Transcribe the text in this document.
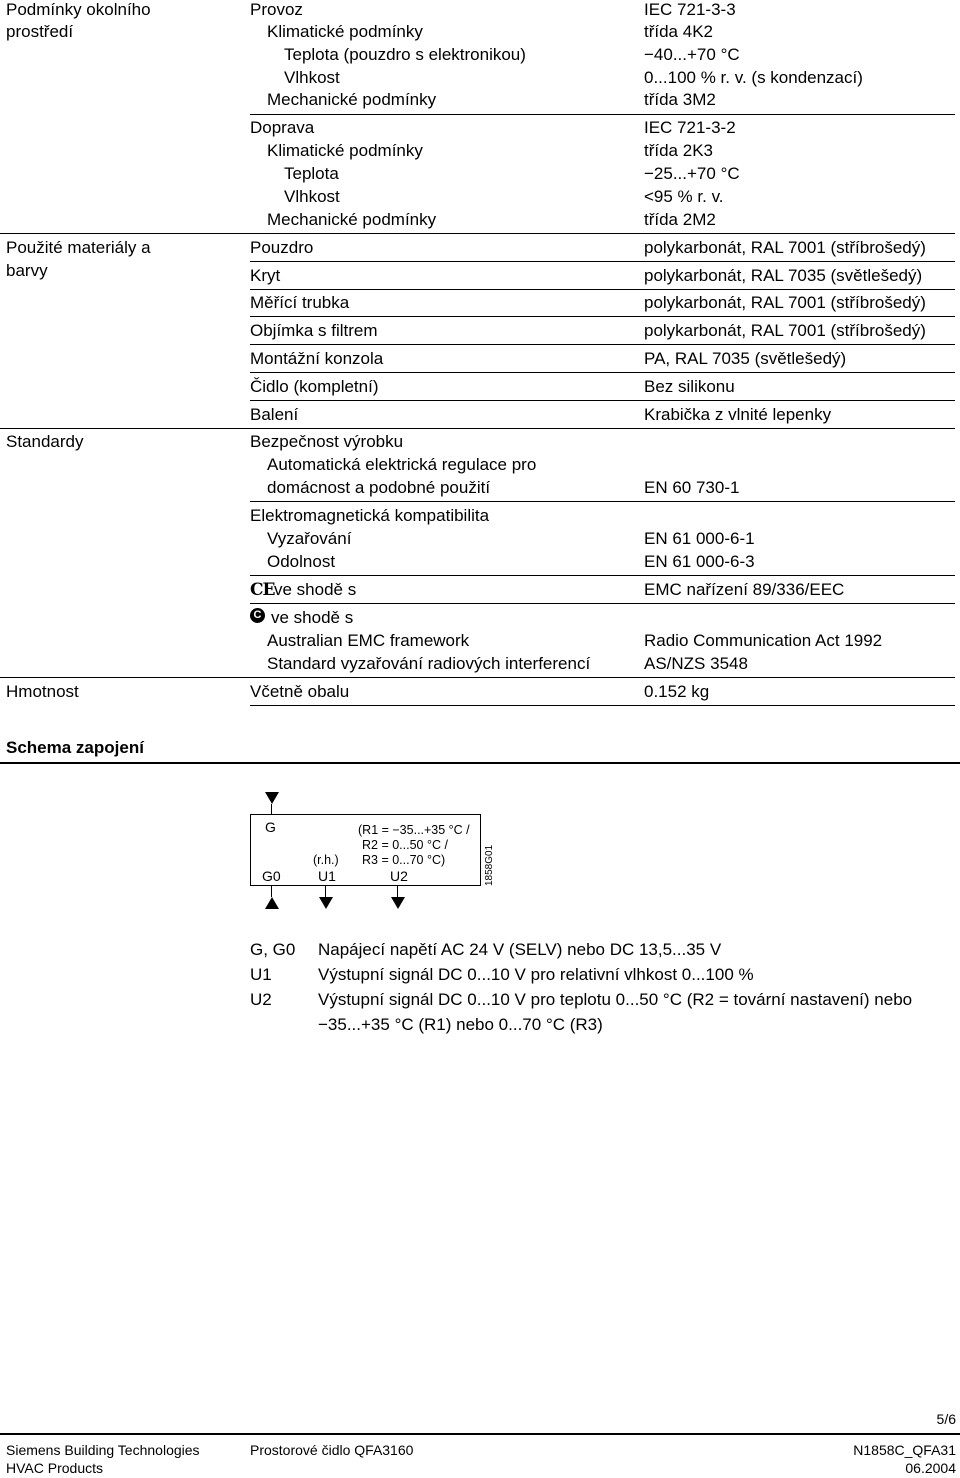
Podmínky okolního
prostředí
Provoz	IEC 721-3-3
Klimatické podmínky	třída 4K2
Teplota (pouzdro s elektronikou)	−40...+70 °C
Vlhkost	0...100 % r. v. (s kondenzací)
Mechanické podmínky	třída 3M2
Doprava	IEC 721-3-2
Klimatické podmínky	třída 2K3
Teplota	−25...+70 °C
Vlhkost	<95 % r. v.
Mechanické podmínky	třída 2M2
Použité materiály a
barvy
Pouzdro	polykarbonát, RAL 7001 (stříbrošedý)
Kryt	polykarbonát, RAL 7035 (světlešedý)
Měřící trubka	polykarbonát, RAL 7001 (stříbrošedý)
Objímka s filtrem	polykarbonát, RAL 7001 (stříbrošedý)
Montážní konzola	PA, RAL 7035 (světlešedý)
Čidlo (kompletní)	Bez silikonu
Balení	Krabička z vlnité lepenky
Standardy	Bezpečnost výrobku
Automatická elektrická regulace pro
domácnost a podobné použití	EN 60 730-1
Elektromagnetická kompatibilita
Vyzařování	EN 61 000-6-1
Odolnost	EN 61 000-6-3
CE ve shodě s	EMC nařízení 89/336/EEC
C ve shodě s
Australian EMC framework	Radio Communication Act 1992
Standard vyzařování radiových interferencí	AS/NZS 3548
Hmotnost	Včetně obalu	0.152 kg
Schema zapojení
G	(R1 = −35...+35 °C /
R2 = 0...50 °C /
R3 = 0...70 °C)
(r.h.)
G0	U1	U2	1858G01
G, G0 Napájecí napětí AC 24 V (SELV) nebo DC 13,5...35 V
U1	Výstupní signál DC 0...10 V pro relativní vlhkost 0...100 %
U2	Výstupní signál DC 0...10 V pro teplotu 0...50 °C (R2 = tovární nastavení) nebo
−35...+35 °C (R1) nebo 0...70 °C (R3)
5/6
Siemens Building Technologies
HVAC Products
Prostorové čidlo QFA3160	N1858C_QFA31
06.2004
